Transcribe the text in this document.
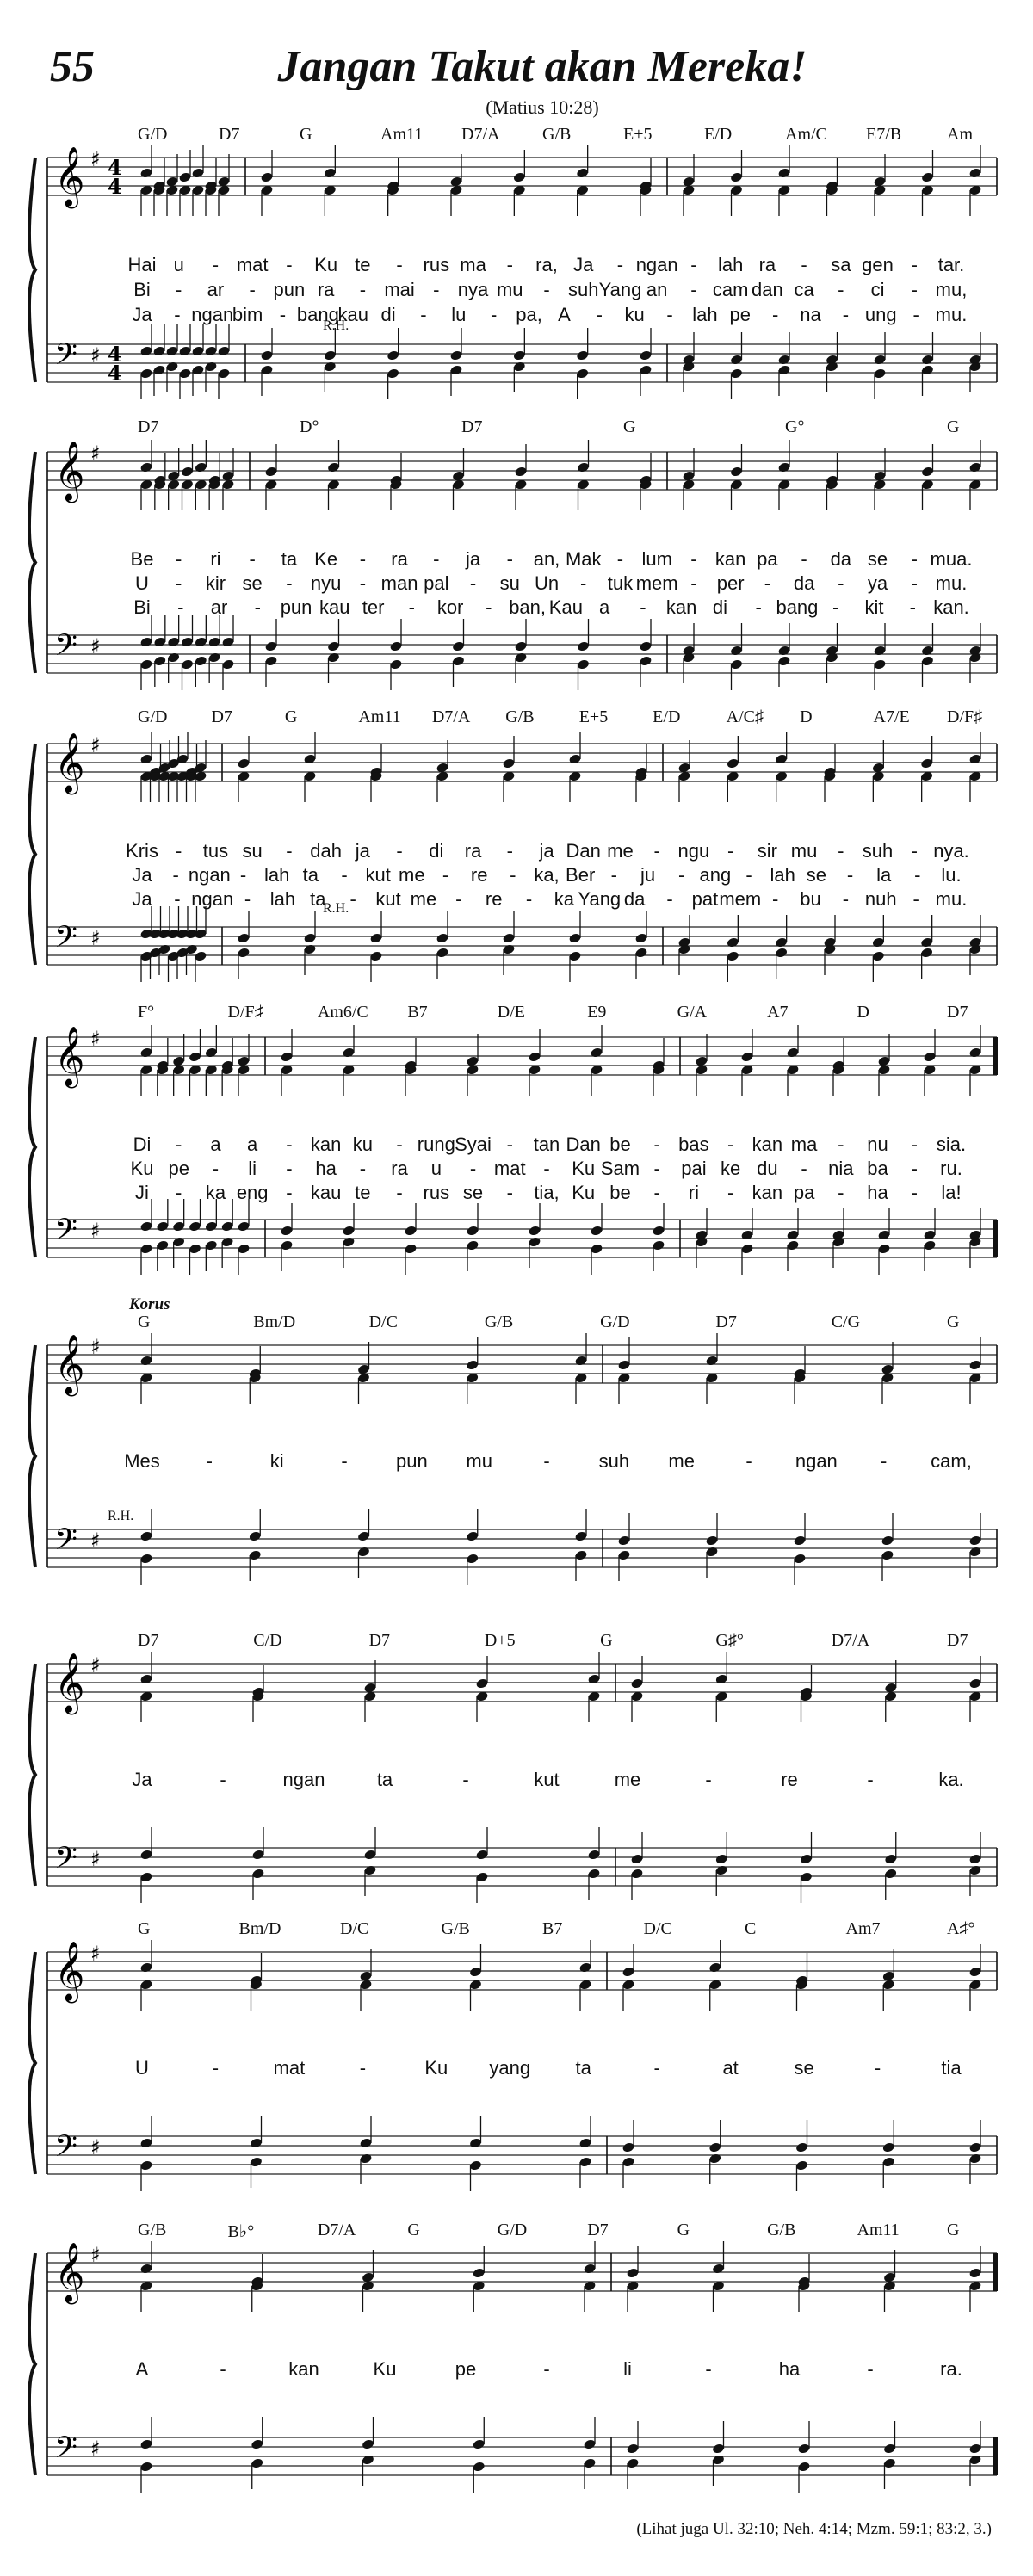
55	Jangan Takut akan Mereka!
(Matius 10:28)
G/D	D7	G	Am11 D7/A G/B	E+5	E/D	Am/C E7/B	Am
𝄞 ♯ 4
4
𝄢 ♯ 4
4
R.H.
Hai u - mat - Ku te - rus ma - ra, Ja - ngan - lah ra - sa gen - tar.
Bi - ar - pun ra - mai - nya mu - suh Yang an - cam dan ca - ci - mu,
Ja - ngan
bim - bang
kau di - lu - pa, A - ku - lah pe - na - ung - mu.
D7	D°	D7	G	G°	G
𝄞 ♯
𝄢 ♯
Be - ri - ta Ke - ra - ja - an, Mak - lum - kan pa - da se - mua.
U - kir se - nyu - man pal - su Un - tuk mem - per - da - ya - mu.
Bi - ar - pun kau ter - kor - ban, Kau a - kan di - bang - kit - kan.
G/D	D7	G	Am11 D7/A G/B	E+5	E/D	A/C♯ D	A7/E D/F♯
𝄞 ♯
𝄢 ♯
R.H.
Kris - tus su - dah ja - di ra - ja Dan me - ngu - sir mu - suh - nya.
Ja - ngan - lah ta - kut me - re - ka, Ber - ju - ang - lah se - la - lu.
Ja - ngan - lah ta - kut me - re - ka Yang da - pat mem - bu - nuh - mu.
F°	D/F♯	Am6/C B7	D/E	E9	G/A	A7	D	D7
𝄞 ♯
𝄢 ♯
Di - a a - kan ku - rung Syai - tan Dan be - bas - kan ma - nu - sia.
Ku pe - li - ha - ra u - mat - Ku Sam - pai ke du - nia ba - ru.
Ji - ka eng - kau te - rus se - tia, Ku be - ri - kan pa - ha - la!
G	Bm/D	D/C	G/B	G/D	D7	C/G	G
𝄞 ♯
𝄢 ♯
Korus
R.H.
Mes -	ki	-	pun mu	-	suh me	- ngan - cam,
D7	C/D	D7	D+5	G	G♯°	D7/A	D7
𝄞 ♯
𝄢 ♯
Ja	-	ngan	ta	-	kut	me	-	re	-	ka.
G	Bm/D	D/C	G/B	B7	D/C	C	Am7	A♯°
𝄞 ♯
𝄢 ♯
U	-	mat	-	Ku yang ta	-	at	se	-	tia
G/B	B♭°	D7/A	G	G/D	D7	G	G/B	Am11	G
𝄞 ♯
𝄢 ♯
A	-	kan	Ku	pe	-	li	-	ha	-	ra.
(Lihat juga Ul. 32:10; Neh. 4:14; Mzm. 59:1; 83:2, 3.)
